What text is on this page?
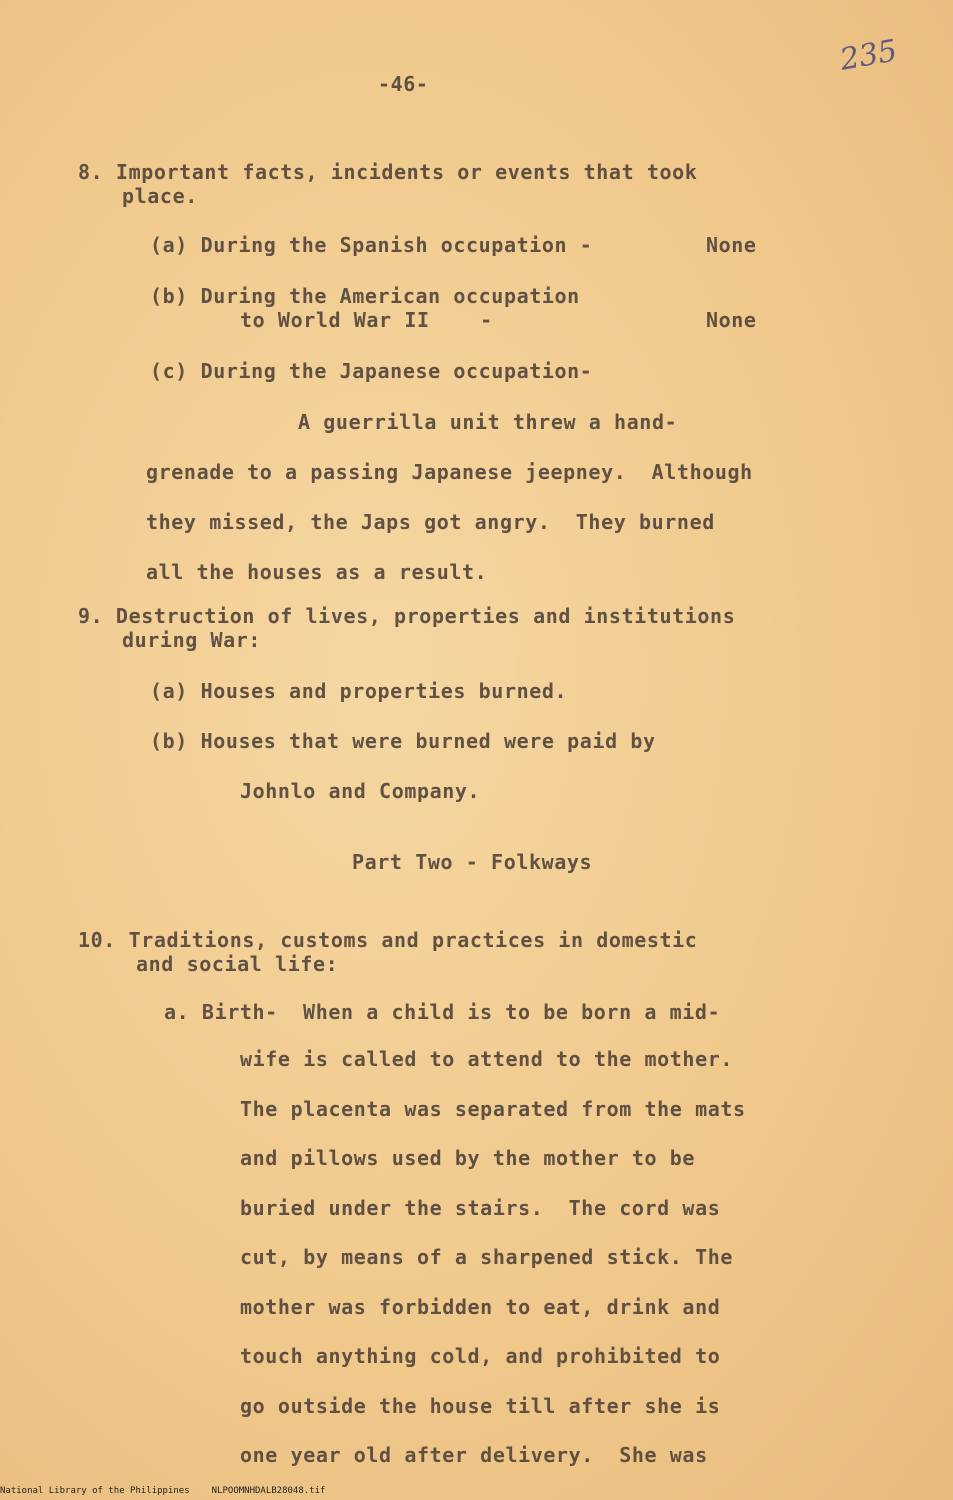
235
-46-
8. Important facts, incidents or events that took
place.
(a) During the Spanish occupation -	None
(b) During the American occupation
to World War II    -	None
(c) During the Japanese occupation-
A guerrilla unit threw a hand-
grenade to a passing Japanese jeepney.  Although
they missed, the Japs got angry.  They burned
all the houses as a result.
9. Destruction of lives, properties and institutions
during War:
(a) Houses and properties burned.
(b) Houses that were burned were paid by
Johnlo and Company.
Part Two - Folkways
10. Traditions, customs and practices in domestic
and social life:
a. Birth-  When a child is to be born a mid-
wife is called to attend to the mother.
The placenta was separated from the mats
and pillows used by the mother to be
buried under the stairs.  The cord was
cut, by means of a sharpened stick. The
mother was forbidden to eat, drink and
touch anything cold, and prohibited to
go outside the house till after she is
one year old after delivery.  She was
National Library of the Philippines NLPOOMNHDALB28048.tif
